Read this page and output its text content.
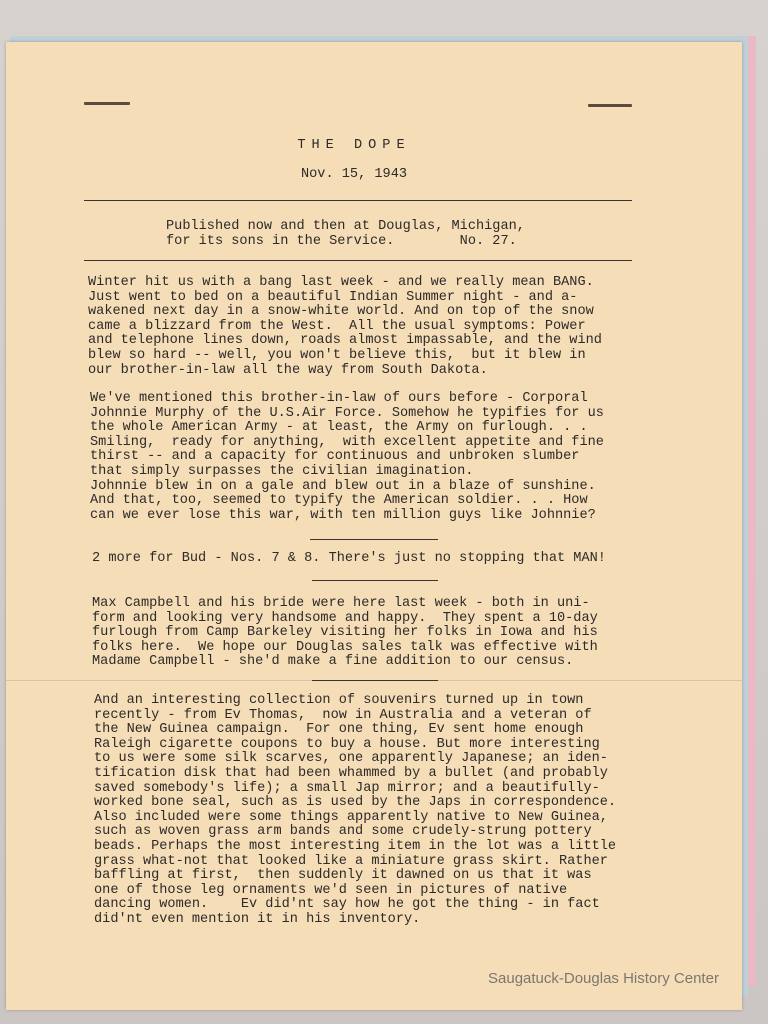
THE DOPE
Nov. 15, 1943
Published now and then at Douglas, Michigan,
for its sons in the Service.        No. 27.
Winter hit us with a bang last week - and we really mean BANG.
Just went to bed on a beautiful Indian Summer night - and a-
wakened next day in a snow-white world. And on top of the snow
came a blizzard from the West.  All the usual symptoms: Power
and telephone lines down, roads almost impassable, and the wind
blew so hard -- well, you won't believe this,  but it blew in
our brother-in-law all the way from South Dakota.
We've mentioned this brother-in-law of ours before - Corporal
Johnnie Murphy of the U.S.Air Force. Somehow he typifies for us
the whole American Army - at least, the Army on furlough. . .
Smiling,  ready for anything,  with excellent appetite and fine
thirst -- and a capacity for continuous and unbroken slumber
that simply surpasses the civilian imagination.
Johnnie blew in on a gale and blew out in a blaze of sunshine.
And that, too, seemed to typify the American soldier. . . How
can we ever lose this war, with ten million guys like Johnnie?
2 more for Bud - Nos. 7 & 8. There's just no stopping that MAN!
Max Campbell and his bride were here last week - both in uni-
form and looking very handsome and happy.  They spent a 10-day
furlough from Camp Barkeley visiting her folks in Iowa and his
folks here.  We hope our Douglas sales talk was effective with
Madame Campbell - she'd make a fine addition to our census.
And an interesting collection of souvenirs turned up in town
recently - from Ev Thomas,  now in Australia and a veteran of
the New Guinea campaign.  For one thing, Ev sent home enough
Raleigh cigarette coupons to buy a house. But more interesting
to us were some silk scarves, one apparently Japanese; an iden-
tification disk that had been whammed by a bullet (and probably
saved somebody's life); a small Jap mirror; and a beautifully-
worked bone seal, such as is used by the Japs in correspondence.
Also included were some things apparently native to New Guinea,
such as woven grass arm bands and some crudely-strung pottery
beads. Perhaps the most interesting item in the lot was a little
grass what-not that looked like a miniature grass skirt. Rather
baffling at first,  then suddenly it dawned on us that it was
one of those leg ornaments we'd seen in pictures of native
dancing women.    Ev did'nt say how he got the thing - in fact
did'nt even mention it in his inventory.
Saugatuck-Douglas History Center
